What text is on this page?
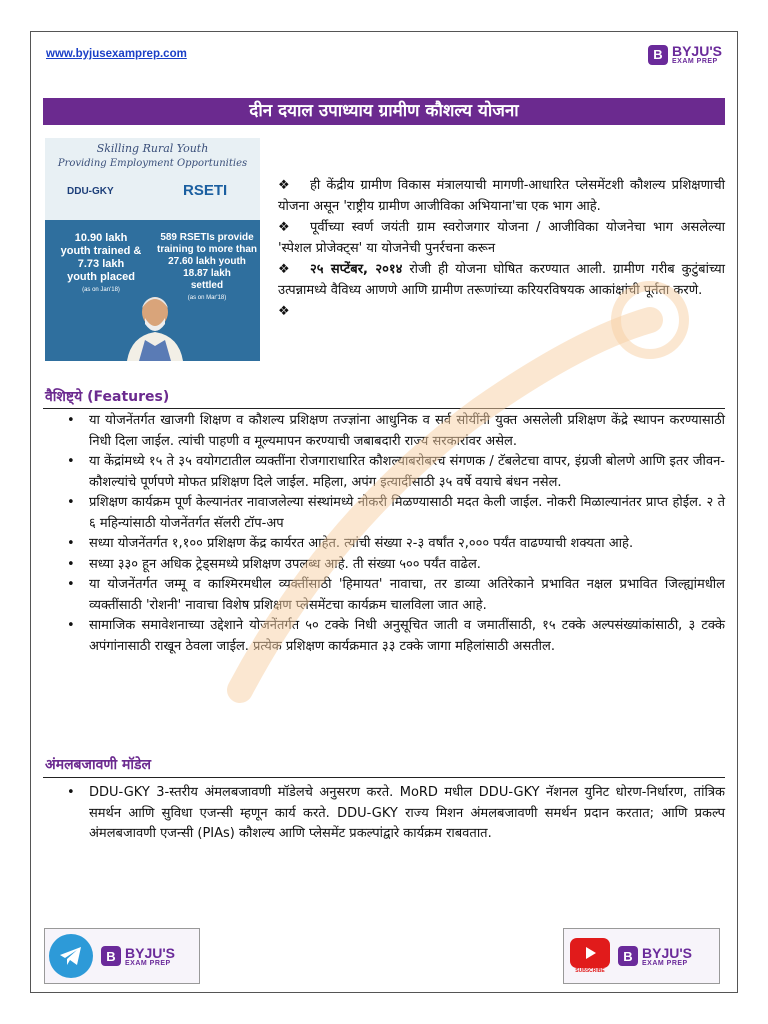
www.byjusexamprep.com	B BYJU'S
EXAM PREP
दीन दयाल उपाध्याय ग्रामीण कौशल्य योजना
Skilling Rural Youth
Providing Employment Opportunities
DDU-GKY	RSETI
10.90 lakh
youth trained &
7.73 lakh
youth placed
(as on Jan'18)
589 RSETIs provide
training to more than
27.60 lakh youth
18.87 lakh
settled
(as on Mar'18)

❖ ही केंद्रीय ग्रामीण विकास मंत्रालयाची मागणी-आधारित प्लेसमेंटशी कौशल्य प्रशिक्षणाची योजना असून 'राष्ट्रीय ग्रामीण आजीविका अभियाना'चा एक भाग आहे.

❖ पूर्वीच्या स्वर्ण जयंती ग्राम स्वरोजगार योजना / आजीविका योजनेचा भाग असलेल्या 'स्पेशल प्रोजेक्ट्स' या योजनेची पुनर्रचना करून

❖ २५ सप्टेंबर, २०१४ रोजी ही योजना घोषित करण्यात आली. ग्रामीण गरीब कुटुंबांच्या उत्पन्नामध्ये वैविध्य आणणे आणि ग्रामीण तरूणांच्या करियरविषयक आकांक्षांची पूर्तता करणे.

❖

वैशिष्ट्ये (Features)
• या योजनेंतर्गत खाजगी शिक्षण व कौशल्य प्रशिक्षण तज्ज्ञांना आधुनिक व सर्व सोयींनी युक्त असलेली प्रशिक्षण केंद्रे स्थापन करण्यासाठी निधी दिला जाईल. त्यांची पाहणी व मूल्यमापन करण्याची जबाबदारी राज्य सरकारांवर असेल.
• या केंद्रांमध्ये १५ ते ३५ वयोगटातील व्यक्तींना रोजगाराधारित कौशल्याबरोबरच संगणक / टॅबलेटचा वापर, इंग्रजी बोलणे आणि इतर जीवन-कौशल्यांचे पूर्णपणे मोफत प्रशिक्षण दिले जाईल. महिला, अपंग इत्यादींसाठी ३५ वर्षे वयाचे बंधन नसेल.
• प्रशिक्षण कार्यक्रम पूर्ण केल्यानंतर नावाजलेल्या संस्थांमध्ये नोकरी मिळण्यासाठी मदत केली जाईल. नोकरी मिळाल्यानंतर प्राप्त होईल. २ ते ६ महिन्यांसाठी योजनेंतर्गत सॅलरी टॉप-अप
• सध्या योजनेंतर्गत १,१०० प्रशिक्षण केंद्र कार्यरत आहेत. त्यांची संख्या २-३ वर्षांत २,००० पर्यंत वाढण्याची शक्यता आहे.
• सध्या ३३० हून अधिक ट्रेड्समध्ये प्रशिक्षण उपलब्ध आहे. ती संख्या ५०० पर्यंत वाढेल.
• या योजनेंतर्गत जम्मू व काश्मिरमधील व्यक्तींसाठी 'हिमायत' नावाचा, तर डाव्या अतिरेकाने प्रभावित नक्षल प्रभावित जिल्ह्यांमधील व्यक्तींसाठी 'रोशनी' नावाचा विशेष प्रशिक्षण प्लेसमेंटचा कार्यक्रम चालविला जात आहे.
• सामाजिक समावेशनाच्या उद्देशाने योजनेंतर्गत ५० टक्के निधी अनुसूचित जाती व जमातींसाठी, १५ टक्के अल्पसंख्यांकांसाठी, ३ टक्के अपंगांनासाठी राखून ठेवला जाईल. प्रत्येक प्रशिक्षण कार्यक्रमात ३३ टक्के जागा महिलांसाठी असतील.
अंमलबजावणी मॉडेल
• DDU-GKY 3-स्तरीय अंमलबजावणी मॉडेलचे अनुसरण करते. MoRD मधील DDU-GKY नॅशनल युनिट धोरण-निर्धारण, तांत्रिक समर्थन आणि सुविधा एजन्सी म्हणून कार्य करते. DDU-GKY राज्य मिशन अंमलबजावणी समर्थन प्रदान करतात; आणि प्रकल्प अंमलबजावणी एजन्सी (PIAs) कौशल्य आणि प्लेसमेंट प्रकल्पांद्वारे कार्यक्रम राबवतात.
B BYJU'S
EXAM PREP
SUBSCRIBE
B BYJU'S
EXAM PREP
